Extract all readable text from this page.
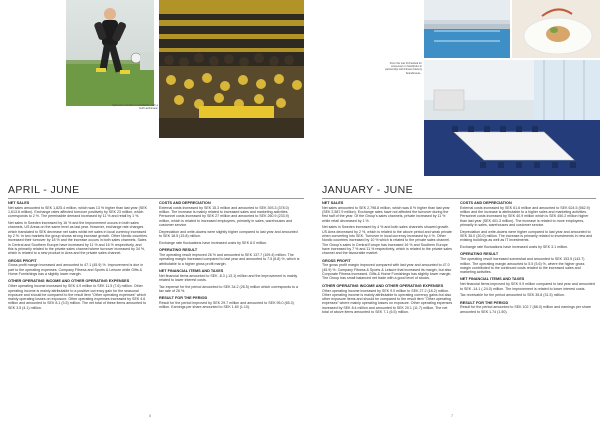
Sylvester Graudun in a Hökerfinn with a Golf Larshimann
From the Get Fit Festival for consumers in Stockholm in partnership with Fitness Factory Scandinavia...
APRIL - JUNE
NET SALES

Net sales amounted to SEK 1,825.4 million, which was 13 % higher than last year (SEK 1,613.8 million). Exchange rates affected turnover positively by SEK 23 million, which corresponds to 2 %. The permissible demand increased by 11 % and retail by 1 %.

Net sales in Sweden increased by 16 % and the improvement occurs in both sales channels. US Areas on the same level as last year. However, exchange rate changes which translated to SEK decrease net sales whilst net sales in local currency increased by 2 %. In two markets the group shows strong increase growth. Other Nordic countries increased their turnover by 18 % and the increase occurs in both sales channels. Sales in Central and Southern Europe have increased by 11 % and 16 % respectively, and this is primarily related to the private sales channel where turnover increased by 34 %, which is related to a new product in Area and the private sales channel.

GROSS PROFIT

Gross profit margin increased and amounted to 47.1 (45.9) %. Improvement is due in part to the operating expenses. Company Fitness and Sports & Leisure while Gifts & Home Furnishings has a slightly lower margin.

OTHER OPERATING INCOME AND OTHER OPERATING EXPENSES

Other operating income increased by SEK 4.9 million to SEK 11.5 (7.6) million. Other operating income is mainly attributable to a positive currency gain for the seasonal exposure and should be compared to the result item "Other operating expenses" which mainly operating losses on exposure. Other operating expenses increased by SEK 4.6 million and amounted to SEK 8.1 (3.5) million. The net total of these items amounted to SEK 3.5 (4.1) million.

COSTS AND DEPRECIATION

External costs increased by SEK 15.3 million and amounted to SEK 393.3 (378.0) million. The increase is mainly related to increased sales and marketing activities. Personnel costs increased by SEK 27 million and amounted to SEK 260.9 (233.9) million, which is related to increased employees, primarily in sales, warehouses and customer service.

Depreciation and write-downs were slightly higher compared to last year and amounted to SEK 18.5 (15.8) million.

Exchange rate fluctuations have increased costs by SEK 8.0 million.

OPERATING RESULT

The operating result improved 26 % and amounted to SEK 137.7 (109.4) million. The operating margin increased compared to last year and amounted to 7.5 (6.8) %, which is attributable to a higher gross profit margin.

NET FINANCIAL ITEMS AND TAXES

Net financial items amounted to SEK -8.3 (-13.1) million and the improvement is mainly related to lower interest costs.

Tax expense for the period amounted to SEK 34.2 (26.5) million which corresponds to a tax rate of 26 %.

RESULT FOR THE PERIOD

Result for the period improved by SEK 29.7 million and amounted to SEK 95.0 (65.3) million. Earnings per share amounted to SEK 1.60 (1.10).

6
JANUARY - JUNE
NET SALES

Net sales amounted to SEK 2,798.8 million, which was 8 % higher than last year (SEK 2,587.9 million). Exchange rates have not affected the turnover during the first half of the year. Of the Group's sales channels, private increased by 11 % while retail decreased by 1 %.

Net sales in Sweden increased by 4 % and both sales channels showed growth. US Area decreased by 2 %, which is related to the above period and weak private when converting into SEK. Turnover in local currency increased by 4 %. Other Nordic countries increased by 10 % which is related to the private sales channel. The Group's sales in Central Europe has increased 16 % and Southern Europe have increased by 7 % and 11 % respectively, which is related to the private sales channel and the favourable market.

GROSS PROFIT

The gross profit margin improved compared with last year and amounted to 47.0 (45.9) %. Company Fitness & Sports & Leisure that increased its margin, but also Corporate Fitness increased. Gifts & Home Furnishings has slightly lower margin. The Group has small balanced net trade with a good level of stocks.

OTHER OPERATING INCOME AND OTHER OPERATING EXPENSES

Other operating income increased by SEK 9.0 million to SEK 27.2 (18.2) million. Other operating income is mainly attributable to operating currency gains but also other exposure items and should be compared to the result item "Other operating expenses" where mainly operating losses on exposure. Other operating expenses increased by SEK 8.4 million and amounted to SEK 20.1 (11.7) million. The net total of above items amounted to SEK 7.1 (6.5) million.

COSTS AND DEPRECIATION

External costs increased by SEK 61.6 million and amounted to SEK 624.5 (562.9) million and the increase is attributable to a higher sales and marketing activities. Personnel costs increased by SEK 40.9 million which is SEK 450.2 million higher than last year (SEK 401.3 million). The increase is related to more employees, primarily in sales, warehouses and customer service.

Depreciation and write-downs were higher compared to last year and amounted to SEK 36.0 (30.0) million. The increase is primarily related to investments in new and existing buildings as well as IT investments.

Exchange rate fluctuations have increased costs by SEK 3.1 million.

OPERATING RESULT

The operating result increased somewhat and amounted to SEK 153.5 (143.7) million. The operating margin amounted to 5.5 (5.6) %, where the higher gross margin contributed to the continued costs related to the increased sales and marketing activities.

NET FINANCIAL ITEMS AND TAXES

Net financial items improved by SEK 9.9 million compared to last year and amounted to SEK -14.1 (-24.0) million. The improvement is related to lower interest costs.

Tax receivable for the period amounted to SEK 35.8 (31.5) million.

RESULT FOR THE PERIOD

Result for the period amounted to SEK 102.7 (88.0) million and earnings per share amounted to SEK 1.74 (1.50).

7
